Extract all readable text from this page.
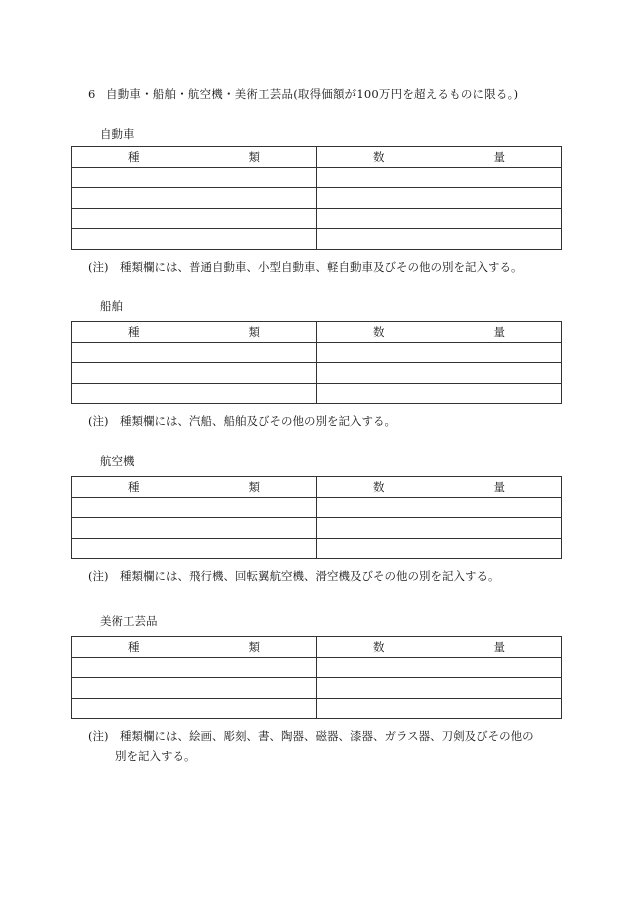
6 自動車・船舶・航空機・美術工芸品(取得価額が100万円を超えるものに限る。)
自動車
種 類	数 量

(注)　種類欄には、普通自動車、小型自動車、軽自動車及びその他の別を記入する。
船舶
種 類	数 量

(注)　種類欄には、汽船、船舶及びその他の別を記入する。
航空機
種 類	数 量

(注)　種類欄には、飛行機、回転翼航空機、滑空機及びその他の別を記入する。
美術工芸品
種 類	数 量

(注)　種類欄には、絵画、彫刻、書、陶器、磁器、漆器、ガラス器、刀剣及びその他の
別を記入する。
